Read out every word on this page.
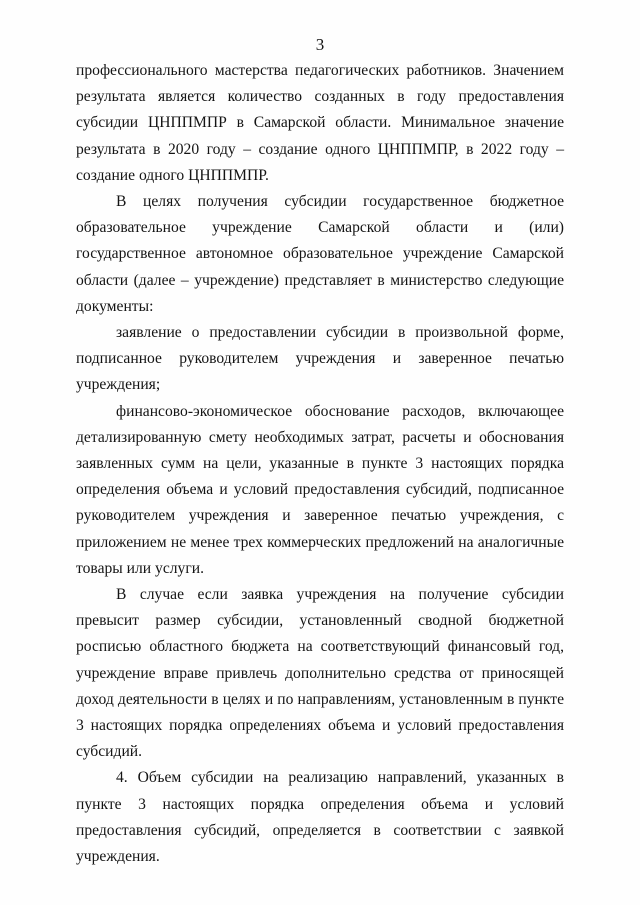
3

профессионального мастерства педагогических работников. Значением результата является количество созданных в году предоставления субсидии ЦНППМПР в Самарской области. Минимальное значение результата в 2020 году – создание одного ЦНППМПР, в 2022 году – создание одного ЦНППМПР.

В целях получения субсидии государственное бюджетное образовательное учреждение Самарской области и (или) государственное автономное образовательное учреждение Самарской области (далее – учреждение) представляет в министерство следующие документы:

заявление о предоставлении субсидии в произвольной форме, подписанное руководителем учреждения и заверенное печатью учреждения;

финансово-экономическое обоснование расходов, включающее детализированную смету необходимых затрат, расчеты и обоснования заявленных сумм на цели, указанные в пункте 3 настоящих порядка определения объема и условий предоставления субсидий, подписанное руководителем учреждения и заверенное печатью учреждения, с приложением не менее трех коммерческих предложений на аналогичные товары или услуги.

В случае если заявка учреждения на получение субсидии превысит размер субсидии, установленный сводной бюджетной росписью областного бюджета на соответствующий финансовый год, учреждение вправе привлечь дополнительно средства от приносящей доход деятельности в целях и по направлениям, установленным в пункте 3 настоящих порядка определениях объема и условий предоставления субсидий.

4. Объем субсидии на реализацию направлений, указанных в пункте 3 настоящих порядка определения объема и условий предоставления субсидий, определяется в соответствии с заявкой учреждения.
